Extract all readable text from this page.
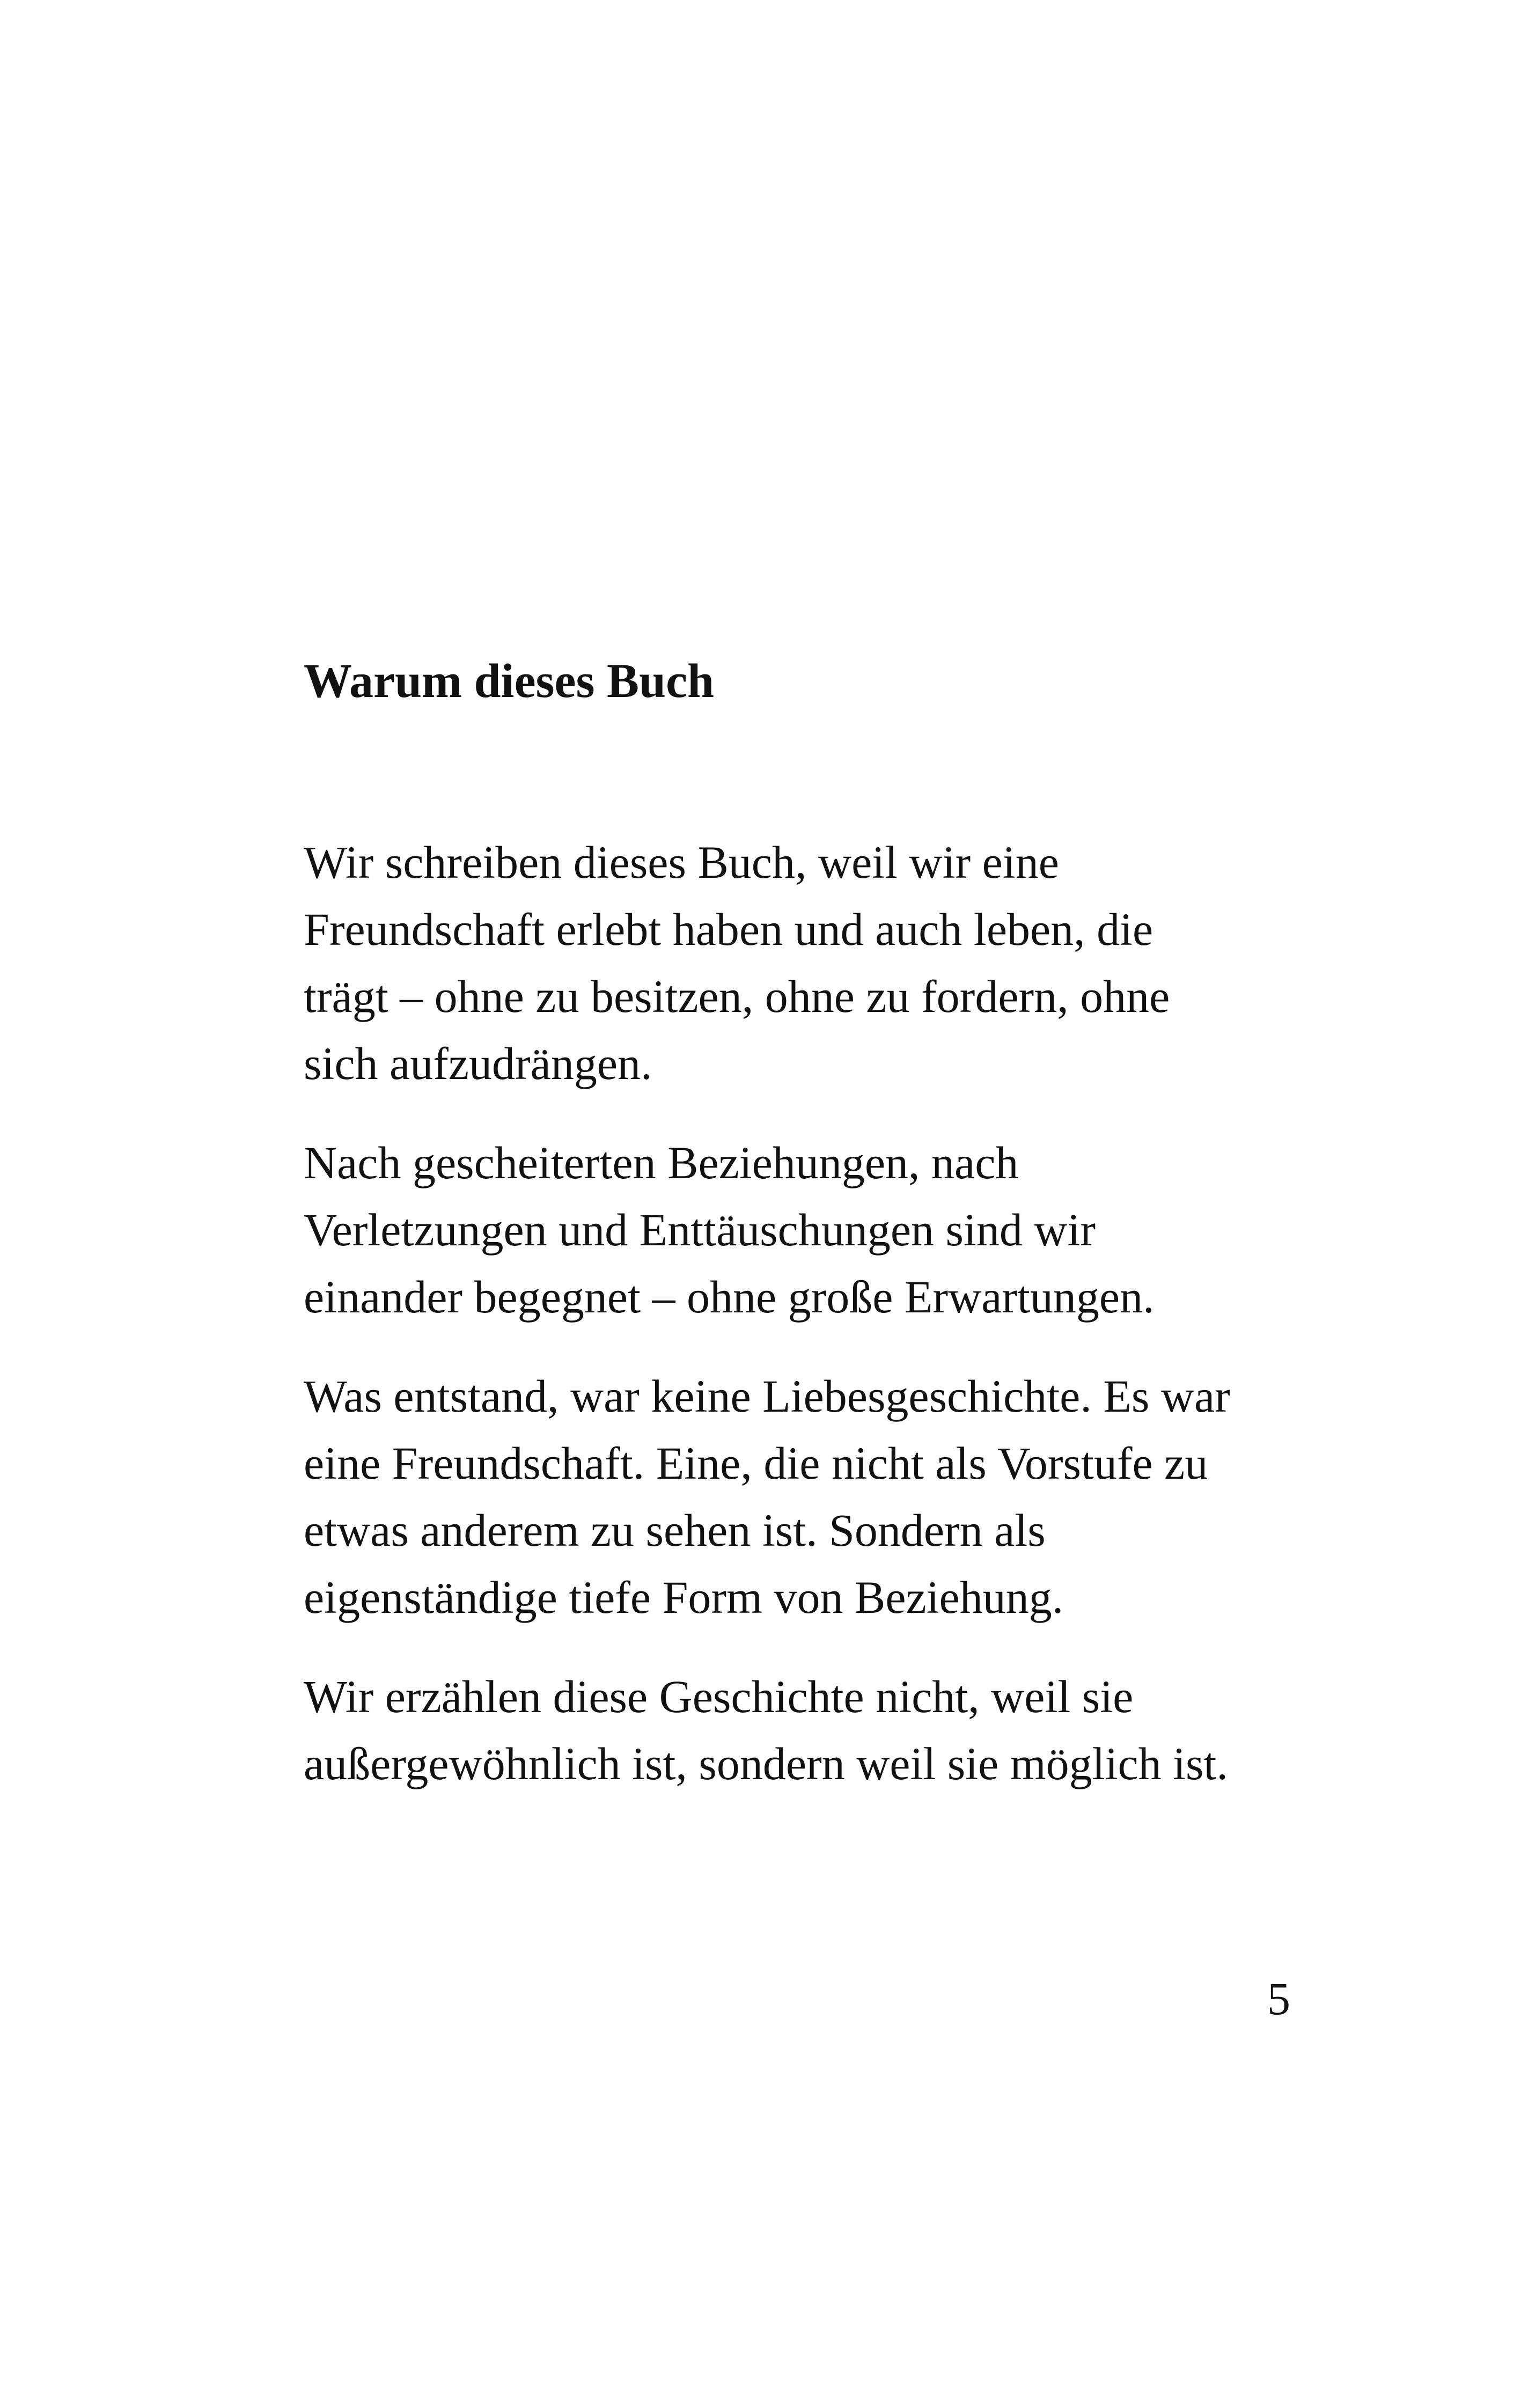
Warum dieses Buch

Wir schreiben dieses Buch, weil wir eine
Freundschaft erlebt haben und auch leben, die
trägt – ohne zu besitzen, ohne zu fordern, ohne
sich aufzudrängen.

Nach gescheiterten Beziehungen, nach
Verletzungen und Enttäuschungen sind wir
einander begegnet – ohne große Erwartungen.

Was entstand, war keine Liebesgeschichte. Es war
eine Freundschaft. Eine, die nicht als Vorstufe zu
etwas anderem zu sehen ist. Sondern als
eigenständige tiefe Form von Beziehung.

Wir erzählen diese Geschichte nicht, weil sie
außergewöhnlich ist, sondern weil sie möglich ist.

5
